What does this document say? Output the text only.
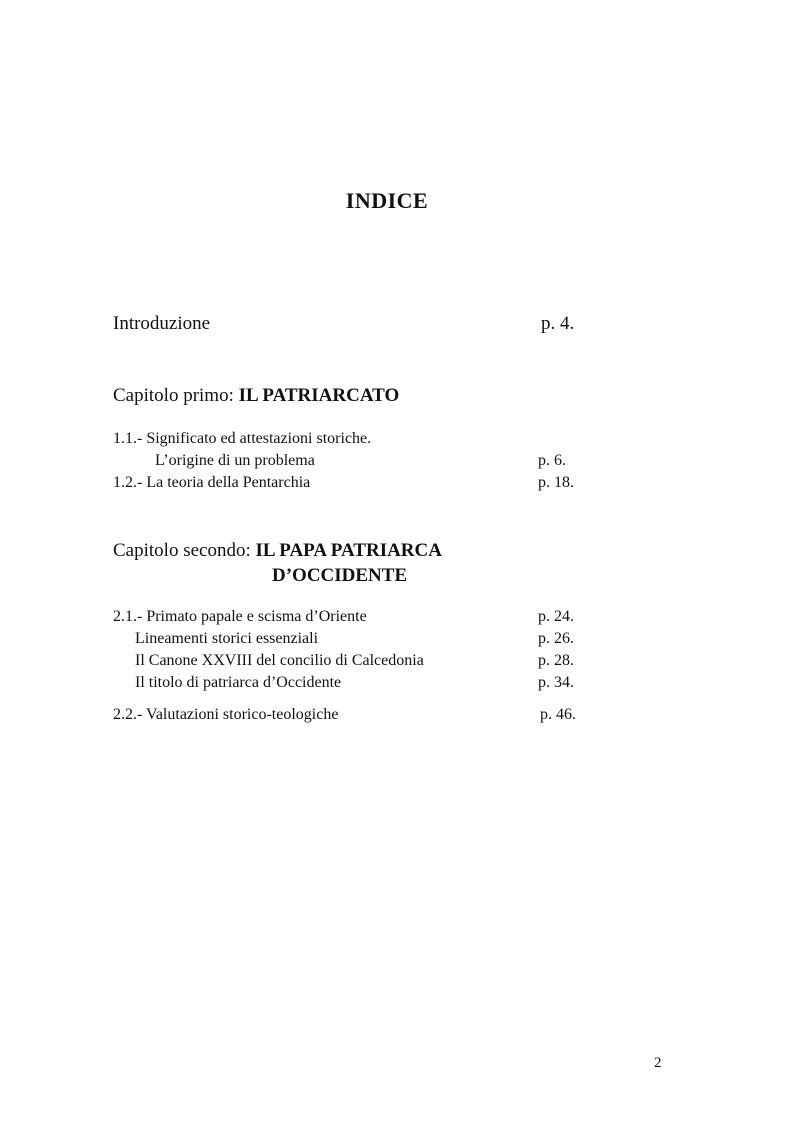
INDICE
Introduzione	p. 4.
Capitolo primo: IL PATRIARCATO
1.1.- Significato ed attestazioni storiche.
L’origine di un problema	p. 6.
1.2.- La teoria della Pentarchia	p. 18.
Capitolo secondo: IL PAPA PATRIARCA
D’OCCIDENTE
2.1.- Primato papale e scisma d’Oriente	p. 24.
Lineamenti storici essenziali	p. 26.
Il Canone XXVIII del concilio di Calcedonia	p. 28.
Il titolo di patriarca d’Occidente	p. 34.
2.2.- Valutazioni storico-teologiche	p. 46.
2
